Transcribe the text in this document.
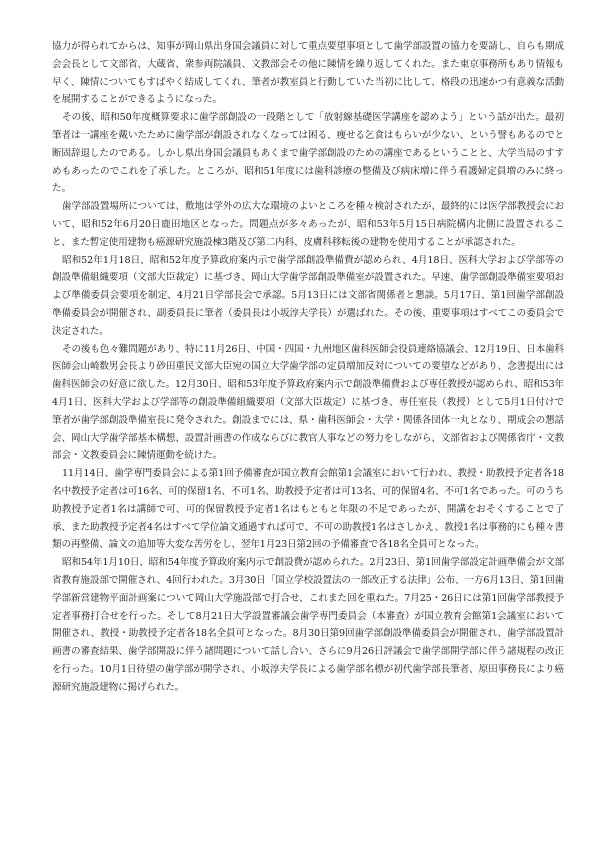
協力が得られてからは、知事が岡山県出身国会議員に対して重点要望事項として歯学部設置の協力を要請し、自らも期成会会長として文部省、大蔵省、衆参両院議員、文教部会その他に陳情を繰り返してくれた。また東京事務所もあり情報も早く、陳情についてもすばやく結成してくれ、筆者が教室員と行動していた当初に比して、格段の迅速かつ有意義な活動を展開することができるようになった。

その後、昭和50年度概算要求に歯学部創設の一段階として「放射線基礎医学講座を認めよう」という話が出た。最初筆者は一講座を戴いたために歯学部が創設されなくなっては困る、痩せる乞食はもらいが少ない、という譬もあるのでと断固辞退したのである。しかし県出身国会議員もあくまで歯学部創設のための講座であるということと、大学当局のすすめもあったのでこれを了承した。ところが、昭和51年度には歯科診療の整備及び病床増に伴う看護婦定員増のみに終った。

歯学部設置場所については、敷地は学外の広大な環境のよいところを種々検討されたが、最終的には医学部教授会において、昭和52年6月20日鹿田地区となった。問題点が多々あったが、昭和53年5月15日病院構内北側に設置されること、また暫定使用建物も癌源研究施設棟3階及び第二内科、皮膚科移転後の建物を使用することが承認された。

昭和52年1月18日、昭和52年度予算政府案内示で歯学部創設準備費が認められ、4月18日、医科大学および学部等の創設準備組織要項（文部大臣裁定）に基づき、岡山大学歯学部創設準備室が設置された。早速、歯学部創設準備室要項および準備委員会要項を制定、4月21日学部長会で承認。5月13日には文部省関係者と懇談。5月17日、第1回歯学部創設準備委員会が開催され、副委員長に筆者（委員長は小坂淳夫学長）が選ばれた。その後、重要事項はすべてこの委員会で決定された。

その後も色々難問題があり、特に11月26日、中国・四国・九州地区歯科医師会役員連絡協議会、12月19日、日本歯科医師会山崎数男会長より砂田重民文部大臣宛の国立大学歯学部の定員増加反対についての要望などがあり、念書提出には歯科医師会の好意に欲した。12月30日、昭和53年度予算政府案内示で創設準備費および専任教授が認められ、昭和53年4月1日、医科大学および学部等の創設準備組織要項（文部大臣裁定）に基づき、専任室長（教授）として5月1日付けで筆者が歯学部創設準備室長に発令された。創設までには、県・歯科医師会・大学・関係各団体一丸となり、期成会の懇話会、岡山大学歯学部基本構想、設置計画書の作成ならびに教官人事などの努力をしながら、文部省および関係省庁・文教部会・文教委員会に陳情運動を続けた。

11月14日、歯学専門委員会による第1回予備審査が国立教育会館第1会議室において行われ、教授・助教授予定者各18名中教授予定者は可16名、可的保留1名、不可1名、助教授予定者は可13名、可的保留4名、不可1名であった。可のうち助教授予定者1名は講師で可、可的保留教授予定者1名はもともと年限の不足であったが、開講をおそくすることで了承、また助教授予定者4名はすべて学位論文通過すれば可で、不可の助教授1名はさしかえ、教授1名は事務的にも種々書類の再整備、論文の追加等大変な苦労をし、翌年1月23日第2回の予備審査で各18名全員可となった。

昭和54年1月10日、昭和54年度予算政府案内示で創設費が認められた。2月23日、第1回歯学部設定計画準備会が文部省教育施設部で開催され、4回行われた。3月30日「国立学校設置法の一部改正する法律」公布、一方6月13日、第1回歯学部新営建物平面計画案について岡山大学施設部で打合せ、これまた回を重ねた。7月25・26日には第1回歯学部教授予定者事務打合せを行った。そして8月21日大学設置審議会歯学専門委員会（本審査）が国立教育会館第1会議室において開催され、教授・助教授予定者各18名全員可となった。8月30日第9回歯学部創設準備委員会が開催され、歯学部設置計画書の審査結果、歯学部開設に伴う諸問題について話し合い、さらに9月26日評議会で歯学部開学部に伴う諸規程の改正を行った。10月1日待望の歯学部が開学され、小坂淳夫学長による歯学部名標が初代歯学部長筆者、原田事務長により癌源研究施設建物に掲げられた。
